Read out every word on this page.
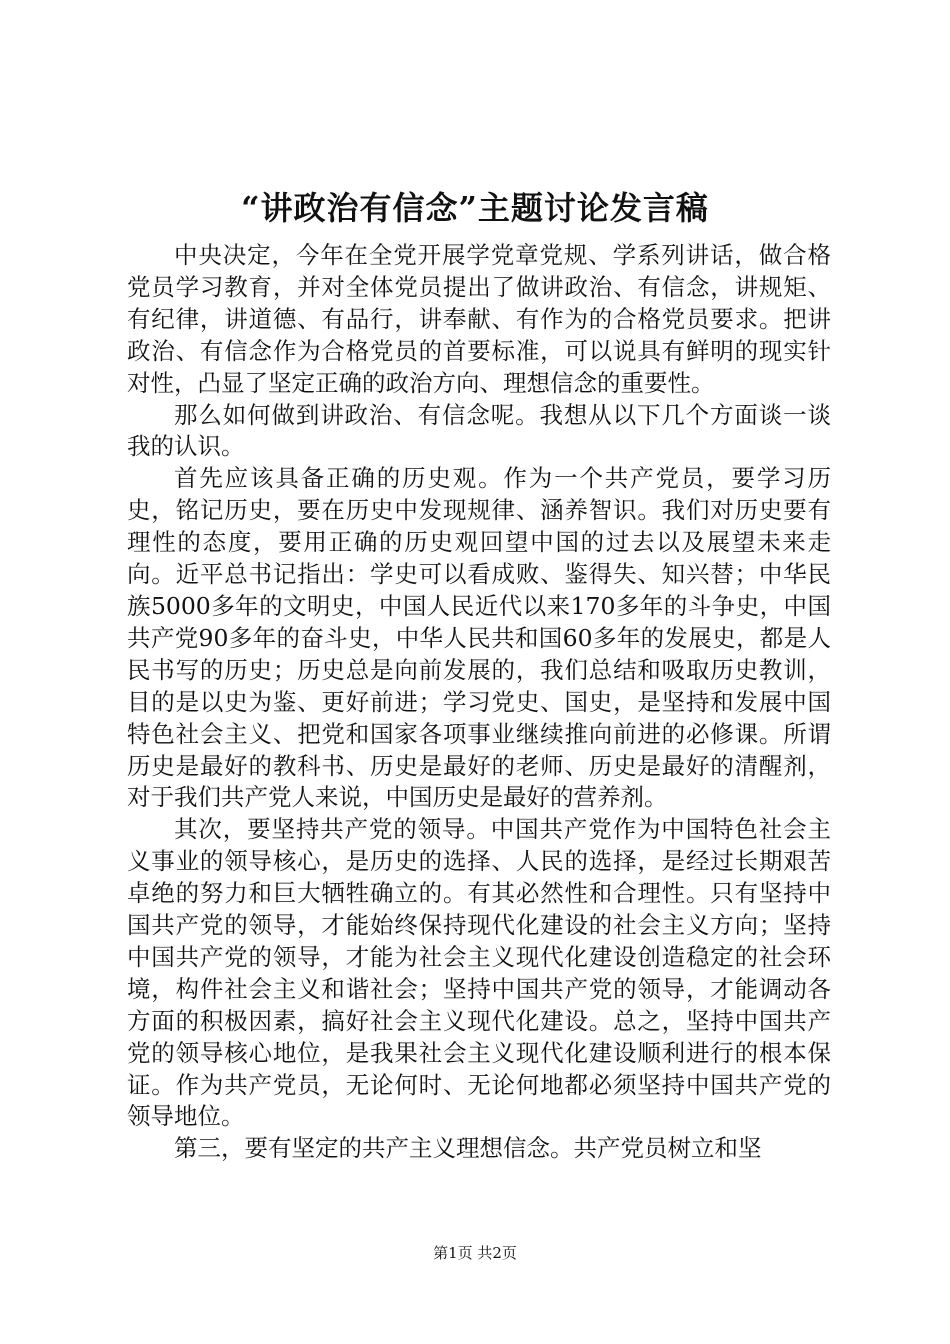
“讲政治有信念”主题讨论发言稿

中央决定，今年在全党开展学党章党规、学系列讲话，做合格党员学习教育，并对全体党员提出了做讲政治、有信念，讲规矩、有纪律，讲道德、有品行，讲奉献、有作为的合格党员要求。把讲政治、有信念作为合格党员的首要标准，可以说具有鲜明的现实针对性，凸显了坚定正确的政治方向、理想信念的重要性。

那么如何做到讲政治、有信念呢。我想从以下几个方面谈一谈我的认识。

首先应该具备正确的历史观。作为一个共产党员，要学习历史，铭记历史，要在历史中发现规律、涵养智识。我们对历史要有理性的态度，要用正确的历史观回望中国的过去以及展望未来走向。近平总书记指出：学史可以看成败、鉴得失、知兴替；中华民族5000多年的文明史，中国人民近代以来170多年的斗争史，中国共产党90多年的奋斗史，中华人民共和国60多年的发展史，都是人民书写的历史；历史总是向前发展的，我们总结和吸取历史教训，目的是以史为鉴、更好前进；学习党史、国史，是坚持和发展中国特色社会主义、把党和国家各项事业继续推向前进的必修课。所谓历史是最好的教科书、历史是最好的老师、历史是最好的清醒剂，对于我们共产党人来说，中国历史是最好的营养剂。

其次，要坚持共产党的领导。中国共产党作为中国特色社会主义事业的领导核心，是历史的选择、人民的选择，是经过长期艰苦卓绝的努力和巨大牺牲确立的。有其必然性和合理性。只有坚持中国共产党的领导，才能始终保持现代化建设的社会主义方向；坚持中国共产党的领导，才能为社会主义现代化建设创造稳定的社会环境，构件社会主义和谐社会；坚持中国共产党的领导，才能调动各方面的积极因素，搞好社会主义现代化建设。总之，坚持中国共产党的领导核心地位，是我果社会主义现代化建设顺利进行的根本保证。作为共产党员，无论何时、无论何地都必须坚持中国共产党的领导地位。

第三，要有坚定的共产主义理想信念。共产党员树立和坚

第1页 共2页
